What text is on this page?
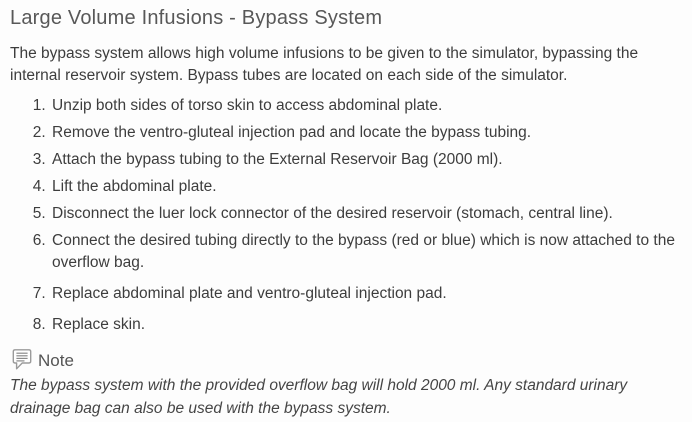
Large Volume Infusions - Bypass System

The bypass system allows high volume infusions to be given to the simulator, bypassing the internal reservoir system. Bypass tubes are located on each side of the simulator.

1. Unzip both sides of torso skin to access abdominal plate.
2. Remove the ventro-gluteal injection pad and locate the bypass tubing.
3. Attach the bypass tubing to the External Reservoir Bag (2000 ml).
4. Lift the abdominal plate.
5. Disconnect the luer lock connector of the desired reservoir (stomach, central line).
6. Connect the desired tubing directly to the bypass (red or blue) which is now attached to the overflow bag.
7. Replace abdominal plate and ventro-gluteal injection pad.
8. Replace skin.
Note

The bypass system with the provided overflow bag will hold 2000 ml. Any standard urinary drainage bag can also be used with the bypass system.
